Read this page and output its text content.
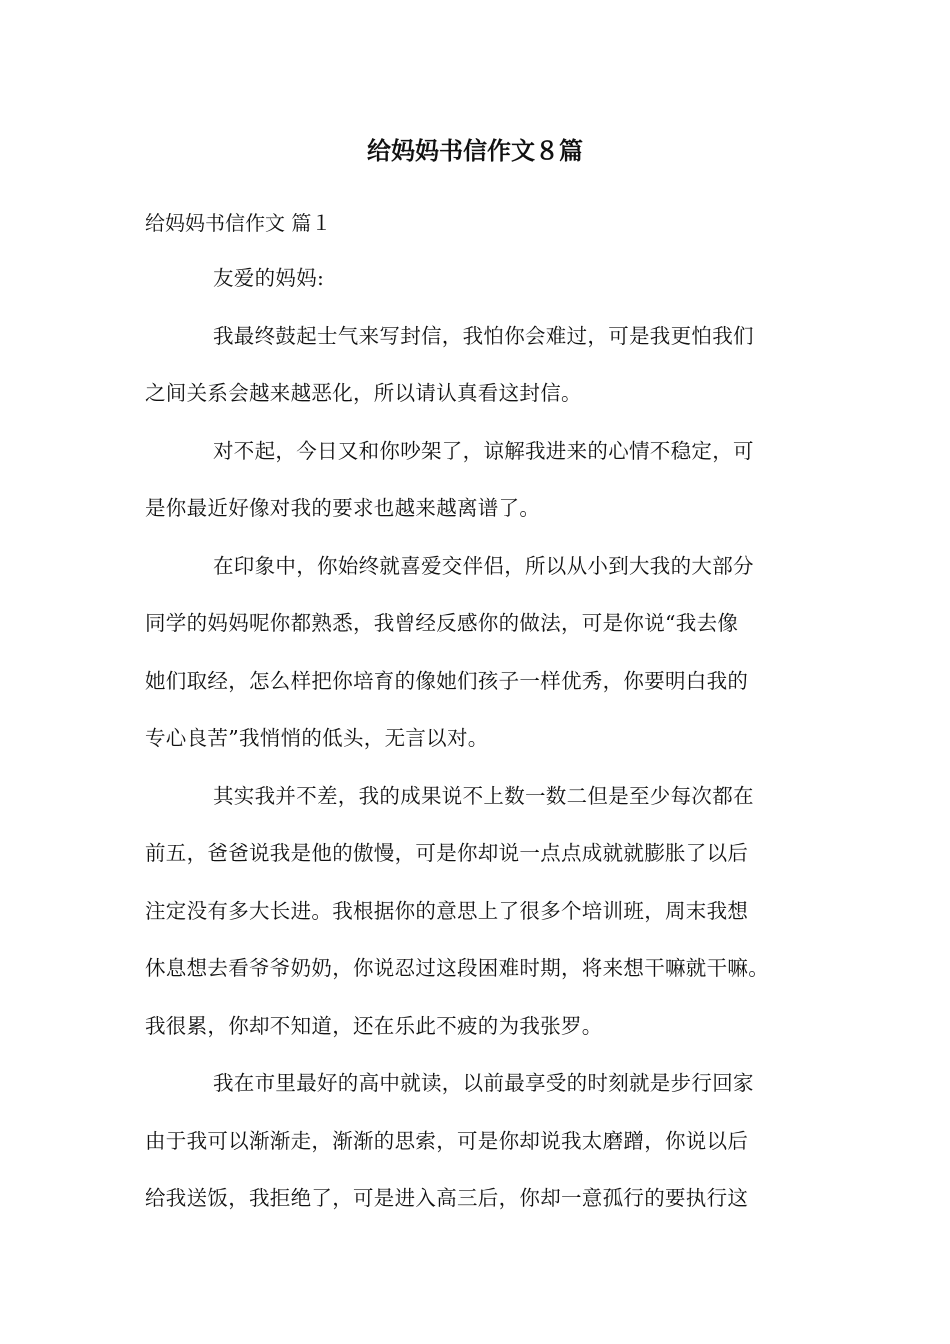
给妈妈书信作文８篇

给妈妈书信作文 篇１

友爱的妈妈:
我最终鼓起士气来写封信，我怕你会难过，可是我更怕我们
之间关系会越来越恶化，所以请认真看这封信。
对不起，今日又和你吵架了，谅解我进来的心情不稳定，可
是你最近好像对我的要求也越来越离谱了。
在印象中，你始终就喜爱交伴侣，所以从小到大我的大部分
同学的妈妈呢你都熟悉，我曾经反感你的做法，可是你说“我去像
她们取经，怎么样把你培育的像她们孩子一样优秀，你要明白我的
专心良苦”我悄悄的低头，无言以对。
其实我并不差，我的成果说不上数一数二但是至少每次都在
前五，爸爸说我是他的傲慢，可是你却说一点点成就就膨胀了以后
注定没有多大长进。我根据你的意思上了很多个培训班，周末我想
休息想去看爷爷奶奶，你说忍过这段困难时期，将来想干嘛就干嘛。
我很累，你却不知道，还在乐此不疲的为我张罗。
我在市里最好的高中就读，以前最享受的时刻就是步行回家
由于我可以渐渐走，渐渐的思索，可是你却说我太磨蹭，你说以后
给我送饭，我拒绝了，可是进入高三后，你却一意孤行的要执行这
